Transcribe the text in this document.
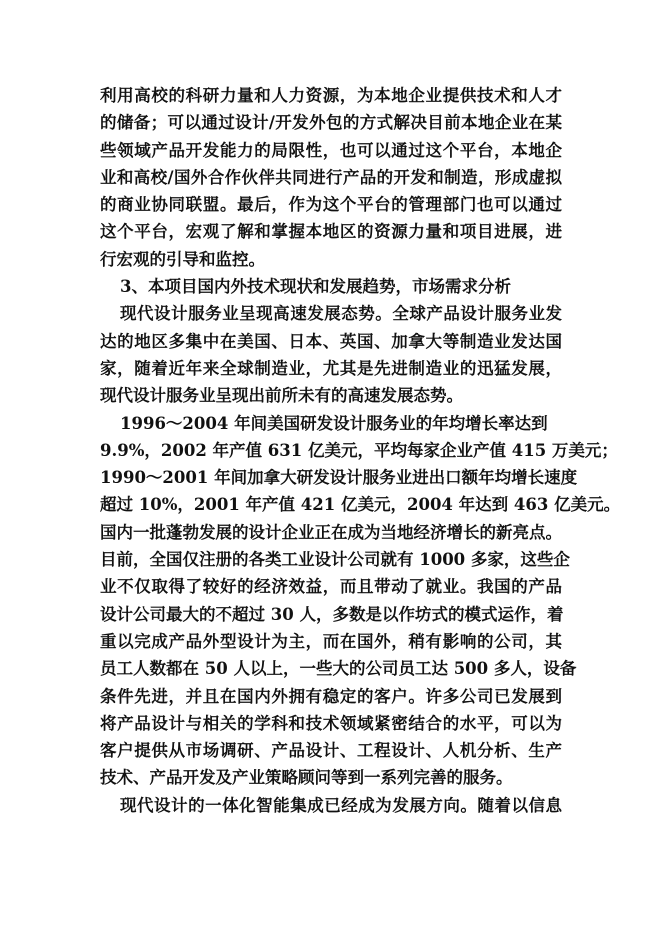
利用高校的科研力量和人力资源，为本地企业提供技术和人才
的储备；可以通过设计/开发外包的方式解决目前本地企业在某
些领域产品开发能力的局限性，也可以通过这个平台，本地企
业和高校/国外合作伙伴共同进行产品的开发和制造，形成虚拟
的商业协同联盟。最后，作为这个平台的管理部门也可以通过
这个平台，宏观了解和掌握本地区的资源力量和项目进展，进
行宏观的引导和监控。
3、本项目国内外技术现状和发展趋势，市场需求分析
现代设计服务业呈现高速发展态势。全球产品设计服务业发
达的地区多集中在美国、日本、英国、加拿大等制造业发达国
家，随着近年来全球制造业，尤其是先进制造业的迅猛发展，
现代设计服务业呈现出前所未有的高速发展态势。
1996～2004 年间美国研发设计服务业的年均增长率达到
9.9%，2002 年产值 631 亿美元，平均每家企业产值 415 万美元；
1990～2001 年间加拿大研发设计服务业进出口额年均增长速度
超过 10%，2001 年产值 421 亿美元，2004 年达到 463 亿美元。
国内一批蓬勃发展的设计企业正在成为当地经济增长的新亮点。
目前，全国仅注册的各类工业设计公司就有 1000 多家，这些企
业不仅取得了较好的经济效益，而且带动了就业。我国的产品
设计公司最大的不超过 30 人，多数是以作坊式的模式运作，着
重以完成产品外型设计为主，而在国外，稍有影响的公司，其
员工人数都在 50 人以上，一些大的公司员工达 500 多人，设备
条件先进，并且在国内外拥有稳定的客户。许多公司已发展到
将产品设计与相关的学科和技术领域紧密结合的水平，可以为
客户提供从市场调研、产品设计、工程设计、人机分析、生产
技术、产品开发及产业策略顾问等到一系列完善的服务。
现代设计的一体化智能集成已经成为发展方向。随着以信息
